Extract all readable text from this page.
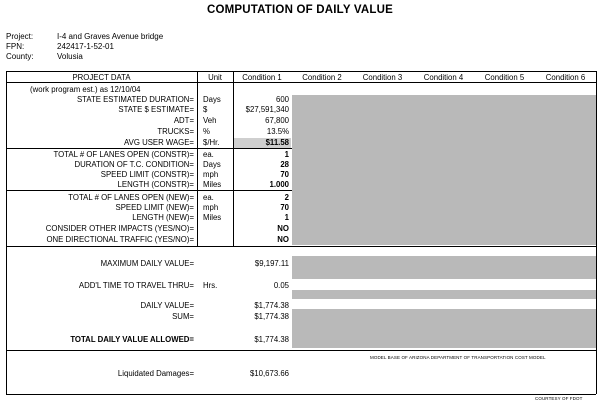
COMPUTATION OF DAILY VALUE
Project:	I-4 and Graves Avenue bridge
FPN:	242417-1-52-01
County:	Volusia
PROJECT DATA	Unit	Condition 1	Condition 2	Condition 3	Condition 4	Condition 5	Condition 6
(work program est.) as 12/10/04
STATE ESTIMATED DURATION= Days	600
STATE $ ESTIMATE= $	$27,591,340
ADT= Veh	67,800
TRUCKS= %	13.5%
AVG USER WAGE= $/Hr.	$11.58
TOTAL # OF LANES OPEN (CONSTR)= ea.	1
DURATION OF T.C. CONDITION= Days	28
SPEED LIMIT (CONSTR)= mph	70
LENGTH (CONSTR)= Miles	1.000
TOTAL # OF LANES OPEN (NEW)= ea.	2
SPEED LIMIT (NEW)= mph	70
LENGTH (NEW)= Miles	1
CONSIDER OTHER IMPACTS (YES/NO)=	NO
ONE DIRECTIONAL TRAFFIC (YES/NO)=	NO
MAXIMUM DAILY VALUE=	$9,197.11
ADD'L TIME TO TRAVEL THRU= Hrs.	0.05
DAILY VALUE=	$1,774.38
SUM=	$1,774.38
TOTAL DAILY VALUE ALLOWED=	$1,774.38
MODEL BASE OF ARIZONA DEPARTMENT OF TRANSPORTATION COST MODEL
Liquidated Damages=	$10,673.66
COURTESY OF FDOT
